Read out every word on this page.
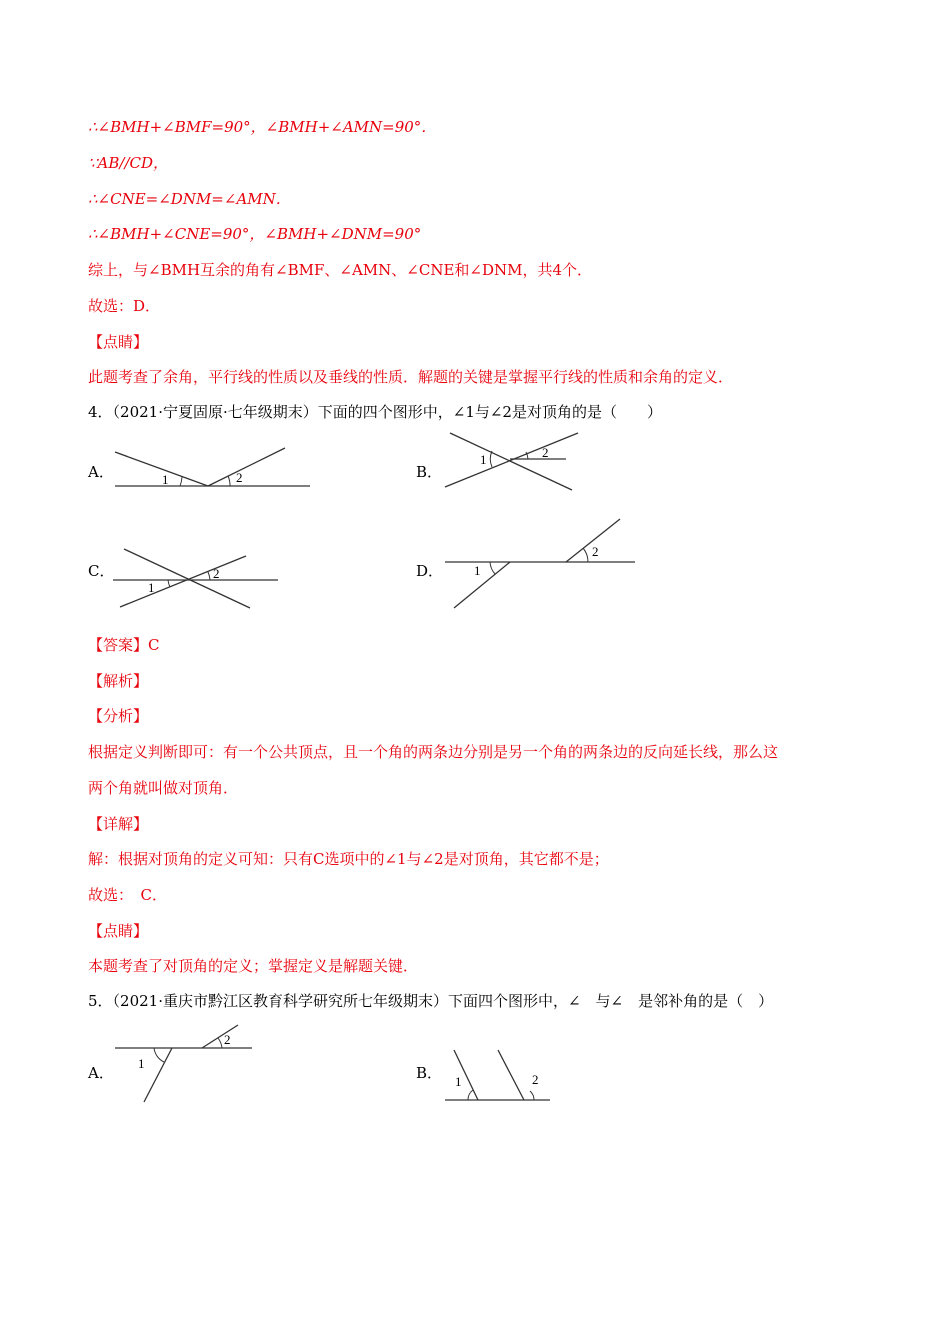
∴∠BMH+∠BMF=90°，∠BMH+∠AMN=90°．
∵AB//CD，
∴∠CNE=∠DNM=∠AMN．
∴∠BMH+∠CNE=90°，∠BMH+∠DNM=90°
综上，与∠BMH互余的角有∠BMF、∠AMN、∠CNE和∠DNM，共4个．
故选：D．
【点睛】
此题考查了余角，平行线的性质以及垂线的性质．解题的关键是掌握平行线的性质和余角的定义．
4．（2021·宁夏固原·七年级期末）下面的四个图形中，∠1与∠2是对顶角的是（　　）
A．	1	2	B．
1	2
C．
1
2	D． 1
2
【答案】C
【解析】
【分析】
根据定义判断即可：有一个公共顶点，且一个角的两条边分别是另一个角的两条边的反向延长线，那么这
两个角就叫做对顶角．
【详解】
解：根据对顶角的定义可知：只有C选项中的∠1与∠2是对顶角，其它都不是；
故选：　C．
【点睛】
本题考查了对顶角的定义；掌握定义是解题关键．
5．（2021·重庆市黔江区教育科学研究所七年级期末）下面四个图形中，∠　与∠　是邻补角的是（　）
A．
1
2
B． 1	2
